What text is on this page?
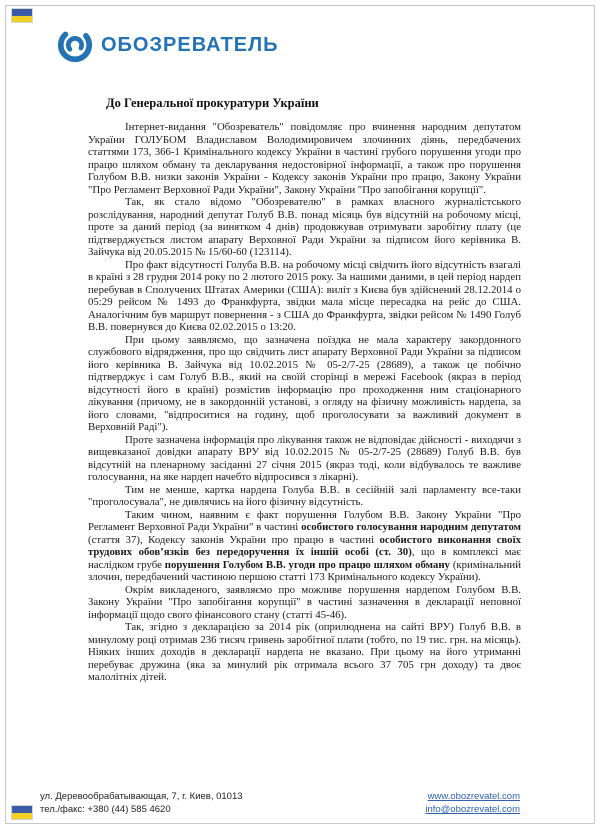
ОБОЗРЕВАТЕЛЬ
До Генеральної прокуратури України

Інтернет-видання "Обозреватель" повідомляє про вчинення народним депутатом України ГОЛУБОМ Владиславом Володимировичем злочинних діянь, передбачених статтями 173, 366-1 Кримінального кодексу України в частині грубого порушення угоди про працю шляхом обману та декларування недостовірної інформації, а також про порушення Голубом В.В. низки законів України - Кодексу законів України про працю, Закону України "Про Регламент Верховної Ради України", Закону України "Про запобігання корупції".

Так, як стало відомо "Обозревателю" в рамках власного журналістського розслідування, народний депутат Голуб В.В. понад місяць був відсутній на робочому місці, проте за даний період (за винятком 4 днів) продовжував отримувати заробітну плату (це підтверджується листом апарату Верховної Ради України за підписом його керівника В. Зайчука від 20.05.2015 № 15/60-60 (123114).

Про факт відсутності Голуба В.В. на робочому місці свідчить його відсутність взагалі в країні з 28 грудня 2014 року по 2 лютого 2015 року. За нашими даними, в цей період нардеп перебував в Сполучених Штатах Америки (США): виліт з Києва був здійснений 28.12.2014 о 05:29 рейсом № 1493 до Франкфурта, звідки мала місце пересадка на рейс до США. Аналогічним був маршрут повернення - з США до Франкфурта, звідки рейсом № 1490 Голуб В.В. повернувся до Києва 02.02.2015 о 13:20.

При цьому заявляємо, що зазначена поїздка не мала характеру закордонного службового відрядження, про що свідчить лист апарату Верховної Ради України за підписом його керівника В. Зайчука від 10.02.2015 № 05-2/7-25 (28689), а також це побічно підтверджує і сам Голуб В.В., який на своїй сторінці в мережі Facebook (якраз в період відсутності його в країні) розмістив інформацію про проходження ним стаціонарного лікування (причому, не в закордонній установі, з огляду на фізичну можливість нардепа, за його словами, "відпроситися на годину, щоб проголосувати за важливий документ в Верховній Раді").

Проте зазначена інформація про лікування також не відповідає дійсності - виходячи з вищевказаної довідки апарату ВРУ від 10.02.2015 № 05-2/7-25 (28689) Голуб В.В. був відсутній на пленарному засіданні 27 січня 2015 (якраз тоді, коли відбувалось те важливе голосування, на яке нардеп начебто відпросився з лікарні).

Тим не менше, картка нардепа Голуба В.В. в сесійній залі парламенту все-таки "проголосувала", не дивлячись на його фізичну відсутність.

Таким чином, наявним є факт порушення Голубом В.В. Закону України "Про Регламент Верховної Ради України" в частині особистого голосування народним депутатом (стаття 37), Кодексу законів України про працю в частині особистого виконання своїх трудових обов’язків без передоручення їх іншій особі (ст. 30), що в комплексі має наслідком грубе порушення Голубом В.В. угоди про працю шляхом обману (кримінальний злочин, передбачений частиною першою статті 173 Кримінального кодексу України).

Окрім викладеного, заявляємо про можливе порушення нардепом Голубом В.В. Закону України "Про запобігання корупції" в частині зазначення в декларації неповної інформації щодо свого фінансового стану (статті 45-46).

Так, згідно з декларацією за 2014 рік (оприлюднена на сайті ВРУ) Голуб В.В. в минулому році отримав 236 тисяч гривень заробітної плати (тобто, по 19 тис. грн. на місяць). Ніяких інших доходів в декларації нардепа не вказано. При цьому на його утриманні перебуває дружина (яка за минулий рік отримала всього 37 705 грн доходу) та двоє малолітніх дітей.

ул. Деревообрабатывающая, 7, г. Киев, 01013
тел./факс: +380 (44) 585 4620
www.obozrevatel.com
info@obozrevatel.com
